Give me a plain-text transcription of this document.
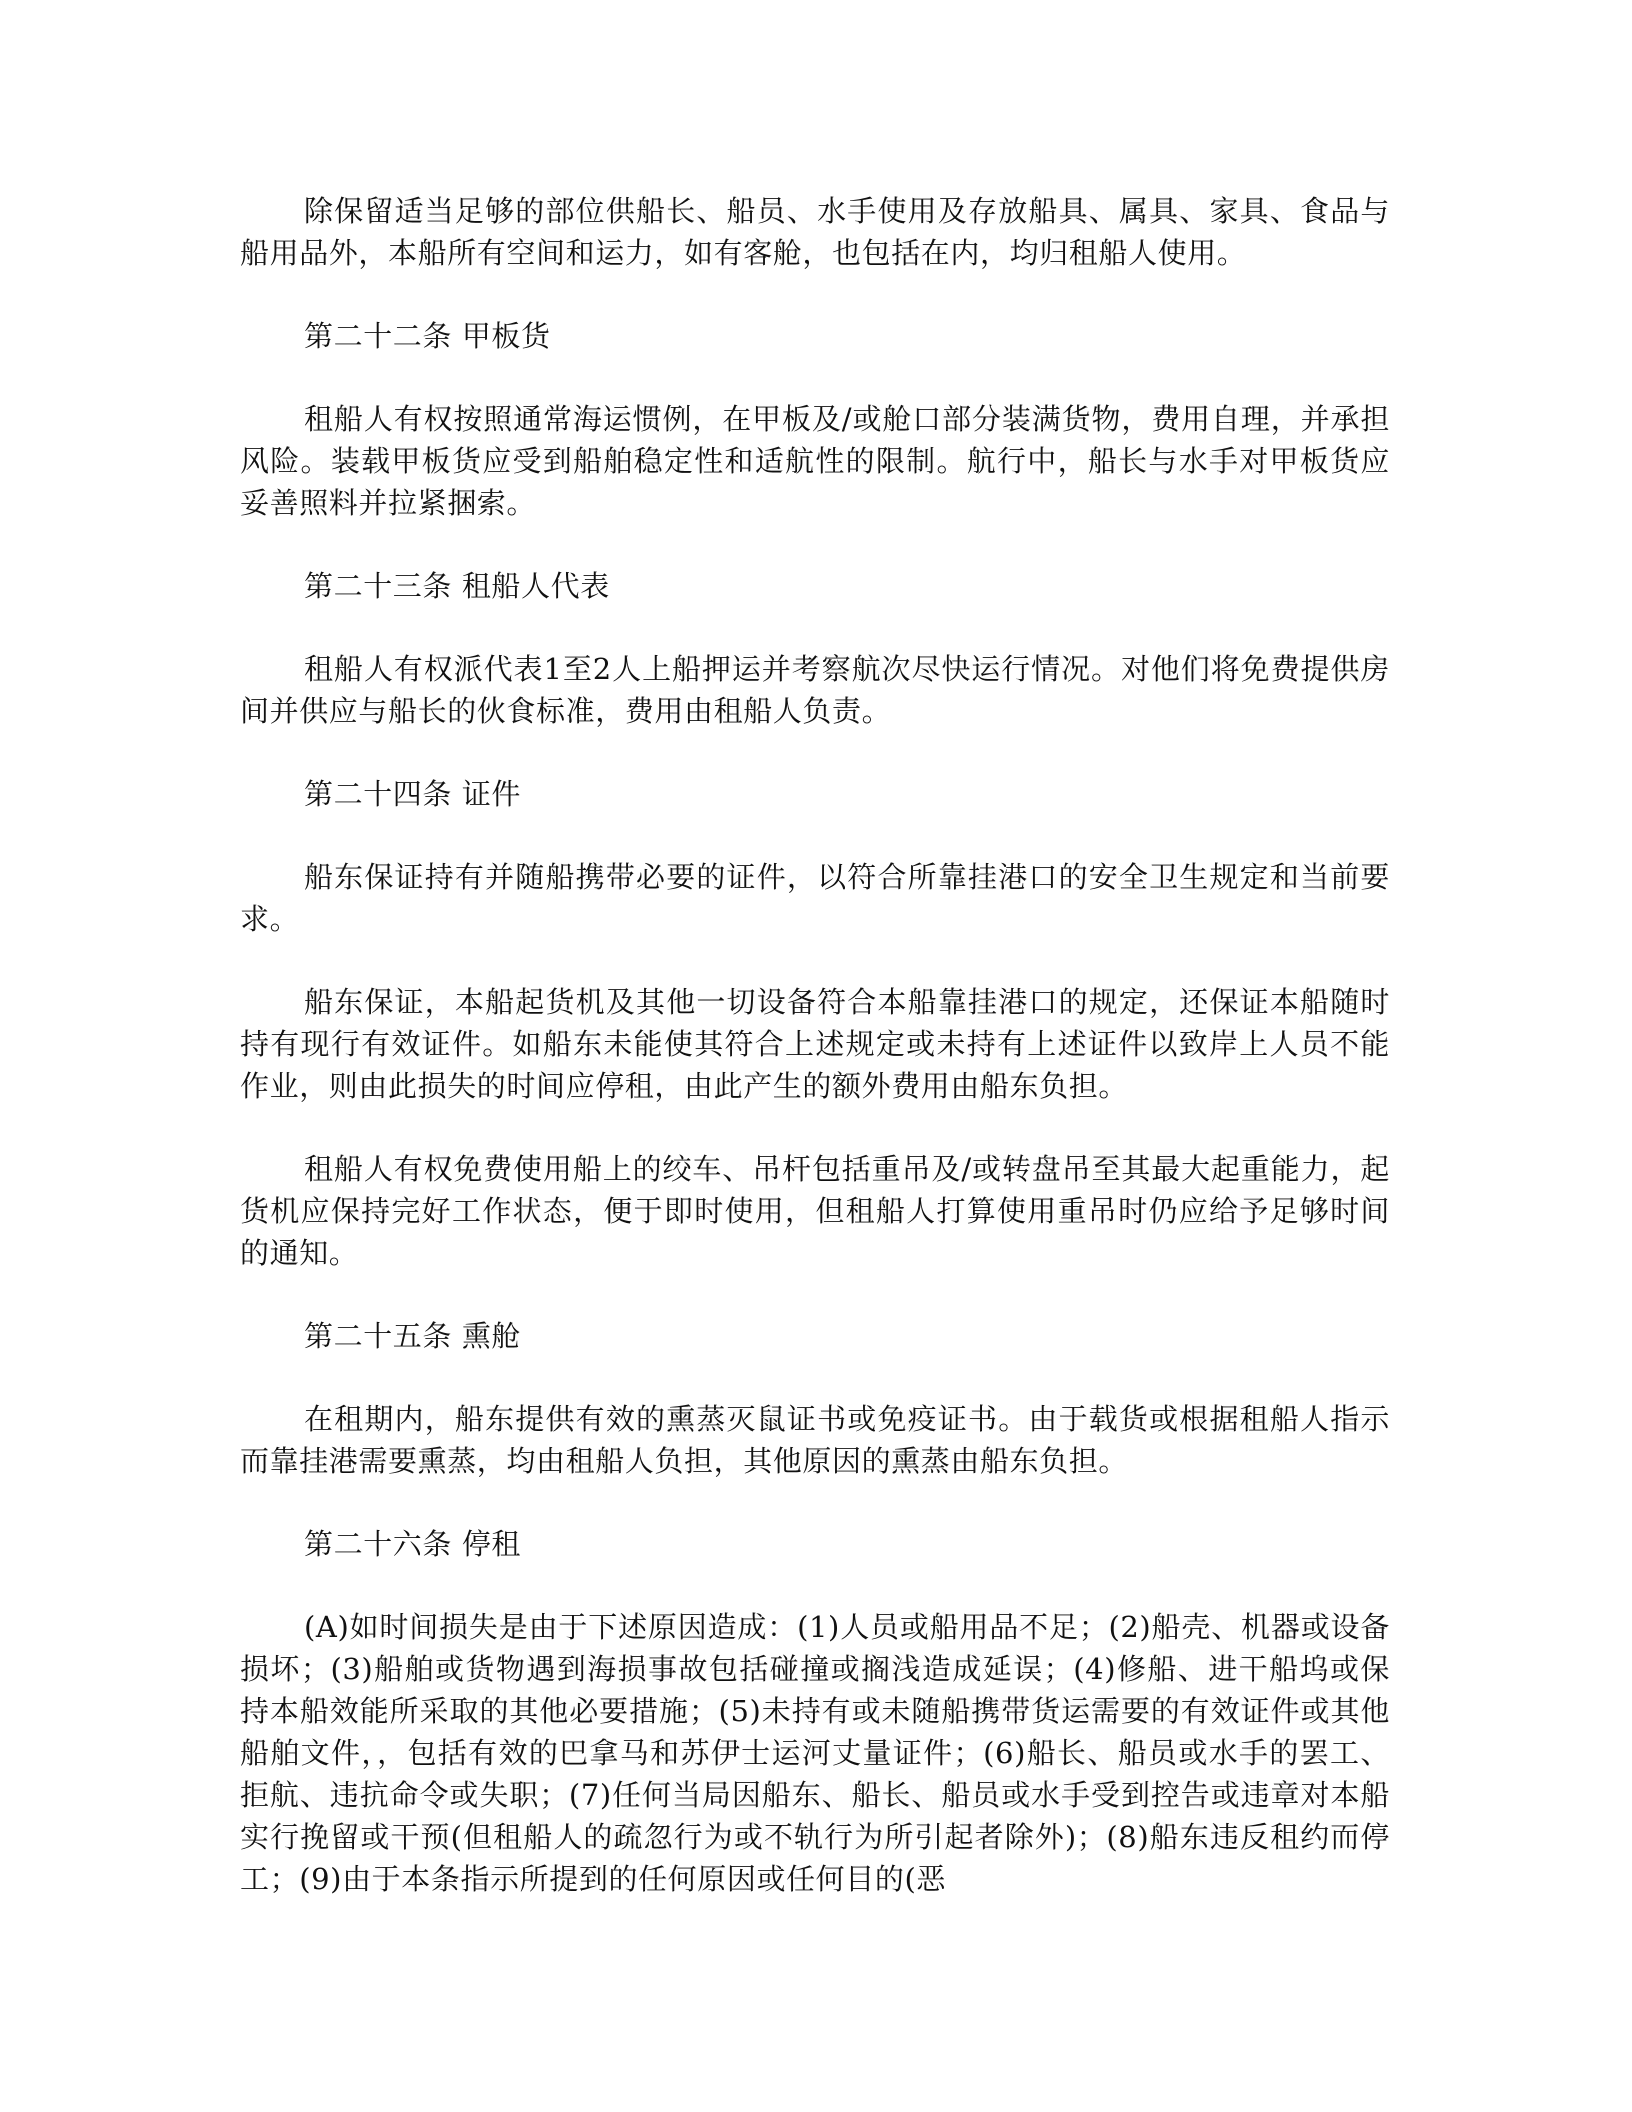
除保留适当足够的部位供船长、船员、水手使用及存放船具、属具、家具、食品与船用品外，本船所有空间和运力，如有客舱，也包括在内，均归租船人使用。

第二十二条 甲板货

租船人有权按照通常海运惯例，在甲板及/或舱口部分装满货物，费用自理，并承担风险。装载甲板货应受到船舶稳定性和适航性的限制。航行中，船长与水手对甲板货应妥善照料并拉紧捆索。

第二十三条 租船人代表

租船人有权派代表1至2人上船押运并考察航次尽快运行情况。对他们将免费提供房间并供应与船长的伙食标准，费用由租船人负责。

第二十四条 证件

船东保证持有并随船携带必要的证件，以符合所靠挂港口的安全卫生规定和当前要求。

船东保证，本船起货机及其他一切设备符合本船靠挂港口的规定，还保证本船随时持有现行有效证件。如船东未能使其符合上述规定或未持有上述证件以致岸上人员不能作业，则由此损失的时间应停租，由此产生的额外费用由船东负担。

租船人有权免费使用船上的绞车、吊杆包括重吊及/或转盘吊至其最大起重能力，起货机应保持完好工作状态，便于即时使用，但租船人打算使用重吊时仍应给予足够时间的通知。

第二十五条 熏舱

在租期内，船东提供有效的熏蒸灭鼠证书或免疫证书。由于载货或根据租船人指示而靠挂港需要熏蒸，均由租船人负担，其他原因的熏蒸由船东负担。

第二十六条 停租

(A)如时间损失是由于下述原因造成：(1)人员或船用品不足；(2)船壳、机器或设备损坏；(3)船舶或货物遇到海损事故包括碰撞或搁浅造成延误；(4)修船、进干船坞或保持本船效能所采取的其他必要措施；(5)未持有或未随船携带货运需要的有效证件或其他船舶文件，，包括有效的巴拿马和苏伊士运河丈量证件；(6)船长、船员或水手的罢工、拒航、违抗命令或失职；(7)任何当局因船东、船长、船员或水手受到控告或违章对本船实行挽留或干预(但租船人的疏忽行为或不轨行为所引起者除外)；(8)船东违反租约而停工；(9)由于本条指示所提到的任何原因或任何目的(恶
